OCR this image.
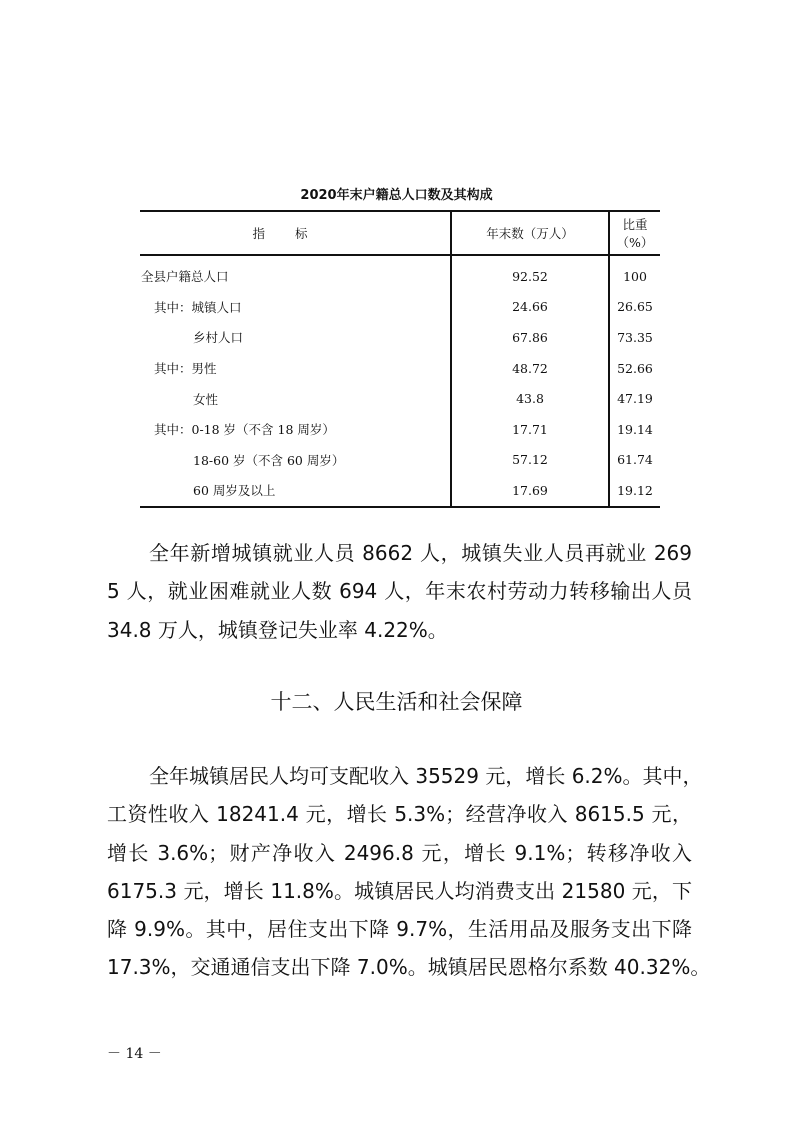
2020年末户籍总人口数及其构成
指标	年末数（万人）	比重（%）
全县户籍总人口	92.52	100
其中：城镇人口	24.66	26.65
乡村人口	67.86	73.35
其中：男性	48.72	52.66
女性	43.8	47.19
其中：0-18 岁（不含 18 周岁）	17.71	19.14
18-60 岁（不含 60 周岁）	57.12	61.74
60 周岁及以上	17.69	19.12
全年新增城镇就业人员 8662 人，城镇失业人员再就业 269
5 人，就业困难就业人数 694 人，年末农村劳动力转移输出人员
34.8 万人，城镇登记失业率 4.22%。
十二、人民生活和社会保障
全年城镇居民人均可支配收入 35529 元，增长 6.2%。其中，
工资性收入 18241.4 元，增长 5.3%；经营净收入 8615.5 元，
增长 3.6%；财产净收入 2496.8 元，增长 9.1%；转移净收入
6175.3 元，增长 11.8%。城镇居民人均消费支出 21580 元，下
降 9.9%。其中，居住支出下降 9.7%，生活用品及服务支出下降
17.3%，交通通信支出下降 7.0%。城镇居民恩格尔系数 40.32%。
－ 14 －
